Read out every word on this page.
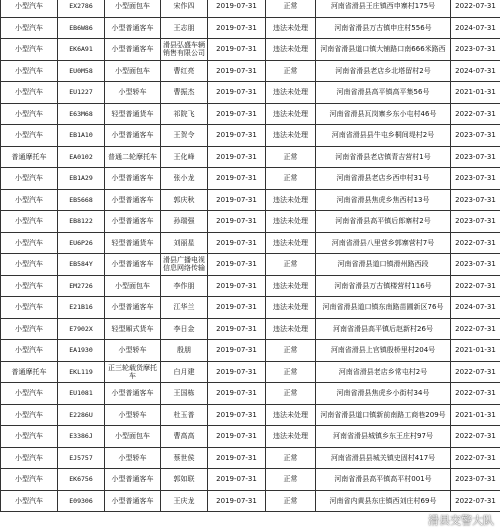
小型汽车	EX2786	小型面包车	宋作四	2019-07-31	正常	河南省滑县王庄镇西申寨村175号	2022-07-31
小型汽车	EB6W86	小型普通客车	王志朋	2019-07-31	违法未处理	河南省滑县万古镇申庄村556号	2024-07-31
小型汽车	EK6A91	小型普通客车	滑县弘盛车辆销售有限公司	2019-07-31	违法未处理	河南省滑县道口镇大铺路口南666米路西	2023-07-31
小型汽车	EU0M58	小型面包车	曹红亮	2019-07-31	正常	河南省滑县老店乡北塔留村2号	2024-07-31
小型汽车	EU1227	小型轿车	曹振杰	2019-07-31	违法未处理	河南省滑县高平镇高平集56号	2021-01-31
小型汽车	E63M68	轻型普通货车	祁院飞	2019-07-31	违法未处理	河南省滑县瓦岗寨乡东小屯村46号	2022-07-31
小型汽车	EB1A10	小型普通客车	王贺令	2019-07-31	违法未处理	河南省滑县县牛屯乡桐间堤村2号	2023-07-31
普通摩托车	EA0102	普通二轮摩托车	王化峰	2019-07-31	正常	河南省滑县老店镇青吉营村1号	2023-07-31
小型汽车	EB1A29	小型普通客车	张小龙	2019-07-31	正常	河南省滑县老店乡西申村31号	2023-07-31
小型汽车	EB5668	小型普通客车	郭庆秋	2019-07-31	违法未处理	河南省滑县焦虎乡焦西村13号	2023-07-31
小型汽车	EB8122	小型普通客车	孙瑞强	2019-07-31	违法未处理	河南省滑县高平镇后郎寨村2号	2023-07-31
小型汽车	EU6P26	轻型普通货车	刘丽星	2019-07-31	违法未处理	河南省滑县八里营乡郭寨营村7号	2022-07-31
小型汽车	EB584Y	小型普通客车	滑县广播电视信息网络传输	2019-07-31	正常	河南省滑县道口镇滑州路西段	2023-07-31
小型汽车	EM2726	小型面包车	李作朋	2019-07-31	违法未处理	河南省滑县万古镇楼营村116号	2022-07-31
小型汽车	E21B16	小型普通客车	江华兰	2019-07-31	违法未处理	河南省滑县道口镇东南路苗圃新区76号	2024-07-31
小型汽车	E7902X	轻型厢式货车	李日金	2019-07-31	违法未处理	河南省滑县高平镇后赵新村26号	2022-07-31
小型汽车	EA1930	小型轿车	殷朋	2019-07-31	正常	河南省滑县上官镇殷桥里村204号	2021-01-31
普通摩托车	EKL119	正三轮载货摩托车	白月建	2019-07-31	正常	河南省滑县老店乡常屯村2号	2022-07-31
小型汽车	EU1081	小型普通客车	王国栋	2019-07-31	正常	河南省滑县焦虎乡小街村34号	2022-07-31
小型汽车	E2286U	小型轿车	杜玉普	2019-07-31	违法未处理	河南省滑县道口镇新前南路工商巷209号	2021-01-31
小型汽车	E3386J	小型面包车	曹高高	2019-07-31	违法未处理	河南省滑县城镇乡东王庄村97号	2022-07-31
小型汽车	EJ5757	小型轿车	蔡世侯	2019-07-31	正常	河南省滑县县城关镇史固村417号	2022-07-31
小型汽车	EK6756	小型普通客车	郭如联	2019-07-31	正常	河南省滑县高平镇高平村001号	2023-07-31
小型汽车	E09306	小型普通客车	王庆龙	2019-07-31	正常	河南省内黄县东庄镇西刘庄村69号	2022-07-31
滑县交警大队
